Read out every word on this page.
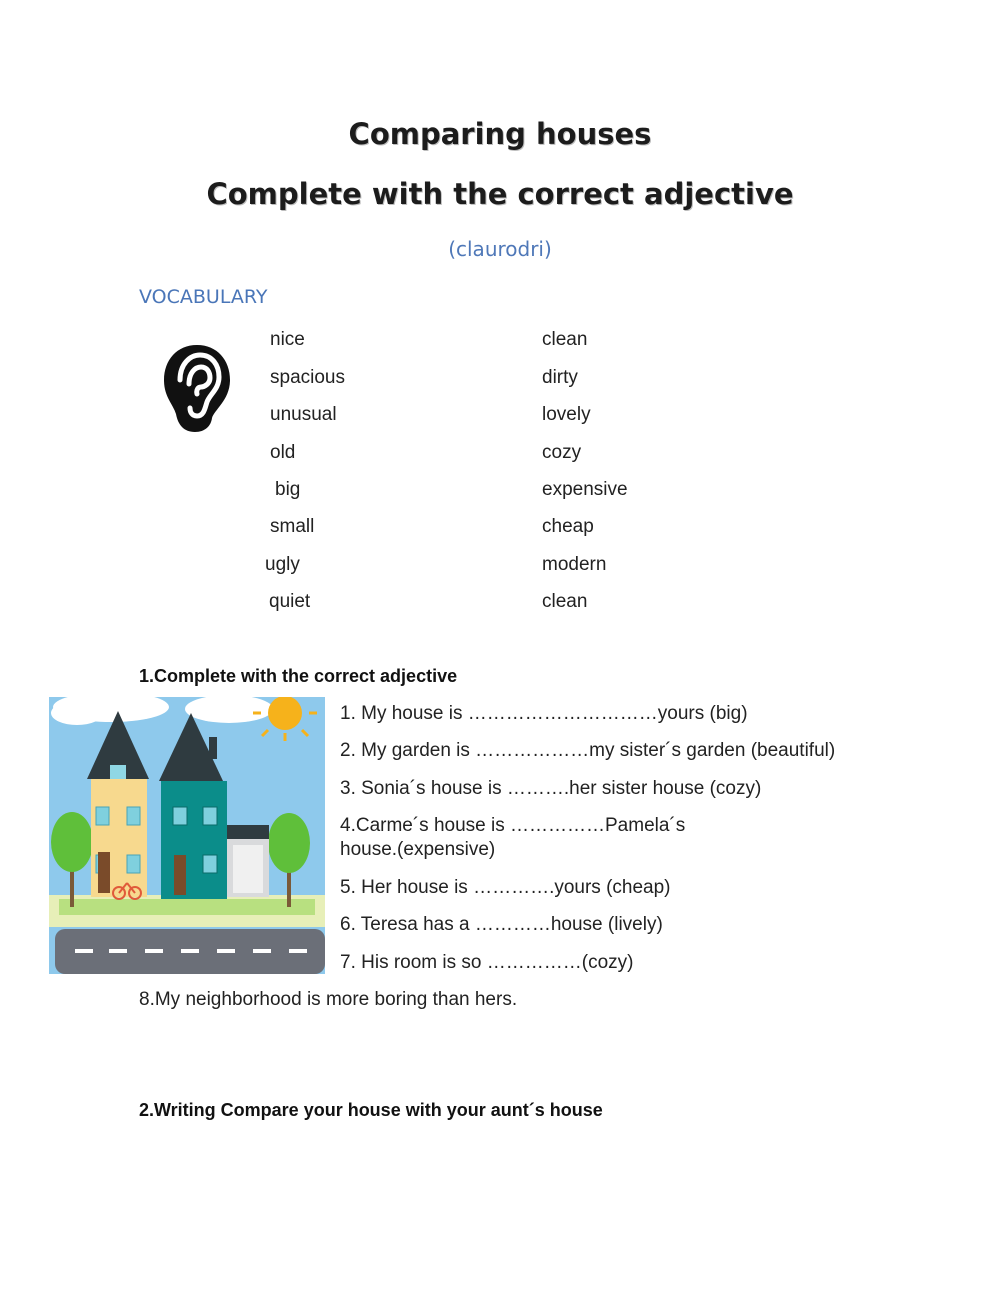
Comparing houses
Complete with the correct adjective
(claurodri)
VOCABULARY
nice
spacious
unusual
old
big
small
ugly
quiet
clean
dirty
lovely
cozy
expensive
cheap
modern
clean
1.Complete with the correct adjective
1. My house is …………………………yours (big)
2. My garden is ………………my sister´s garden (beautiful)
3. Sonia´s house is ……….her sister house (cozy)
4.Carme´s house is ……………Pamela´s house.(expensive)
5. Her house is ………….yours (cheap)
6. Teresa has a …………house (lively)
7. His room is so ……………(cozy)
8.My neighborhood is more boring than hers.
2.Writing Compare your house with your aunt´s house
